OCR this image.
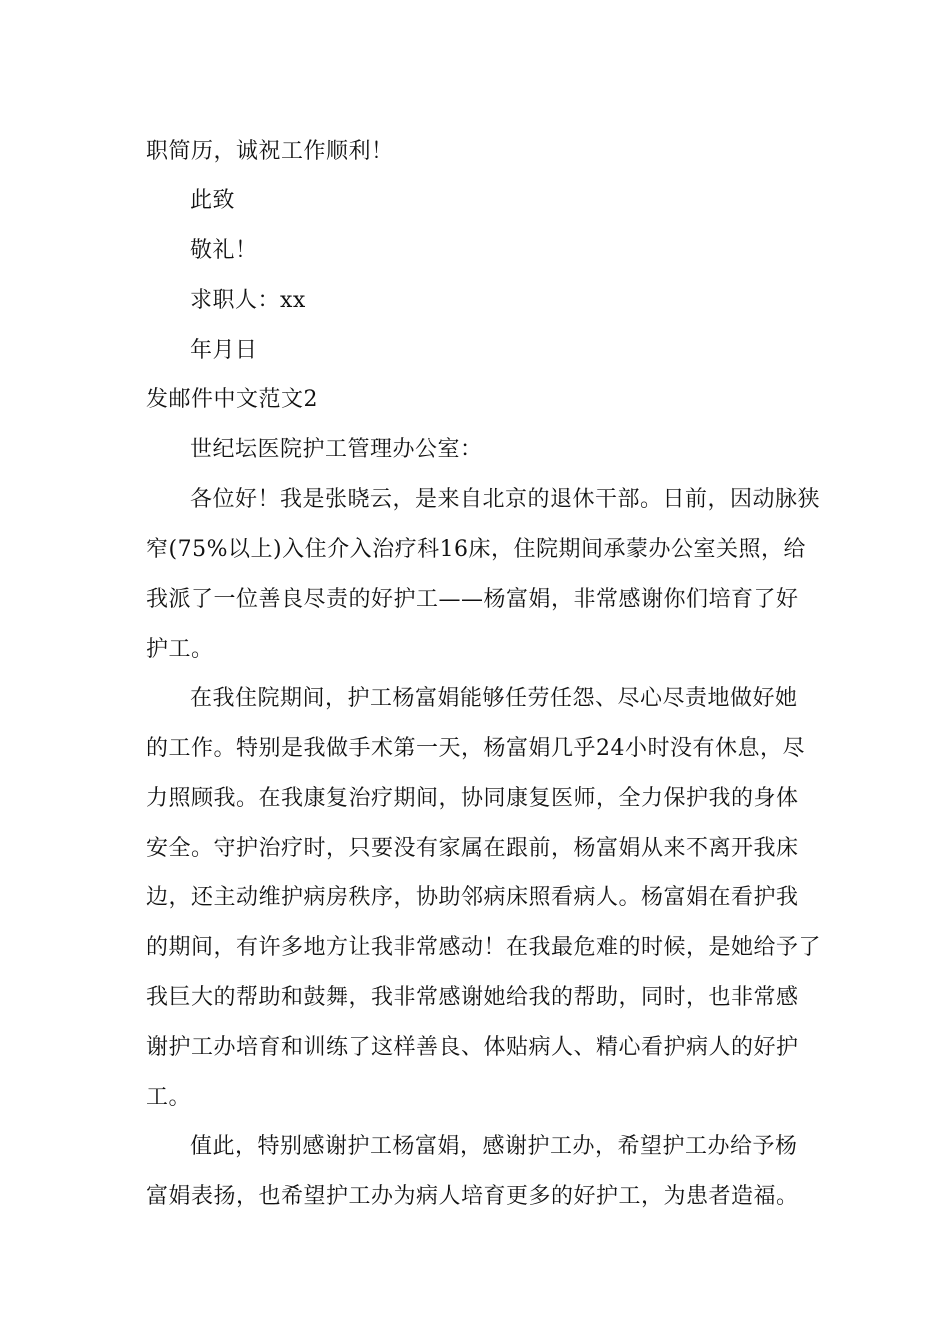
职简历，诚祝工作顺利！
此致
敬礼！
求职人：xx
年月日
发邮件中文范文2
世纪坛医院护工管理办公室：
各位好！我是张晓云，是来自北京的退休干部。日前，因动脉狭
窄(75%以上)入住介入治疗科16床，住院期间承蒙办公室关照，给
我派了一位善良尽责的好护工——杨富娟，非常感谢你们培育了好
护工。
在我住院期间，护工杨富娟能够任劳任怨、尽心尽责地做好她
的工作。特别是我做手术第一天，杨富娟几乎24小时没有休息，尽
力照顾我。在我康复治疗期间，协同康复医师，全力保护我的身体
安全。守护治疗时，只要没有家属在跟前，杨富娟从来不离开我床
边，还主动维护病房秩序，协助邻病床照看病人。杨富娟在看护我
的期间，有许多地方让我非常感动！在我最危难的时候，是她给予了
我巨大的帮助和鼓舞，我非常感谢她给我的帮助，同时，也非常感
谢护工办培育和训练了这样善良、体贴病人、精心看护病人的好护
工。
值此，特别感谢护工杨富娟，感谢护工办，希望护工办给予杨
富娟表扬，也希望护工办为病人培育更多的好护工，为患者造福。
